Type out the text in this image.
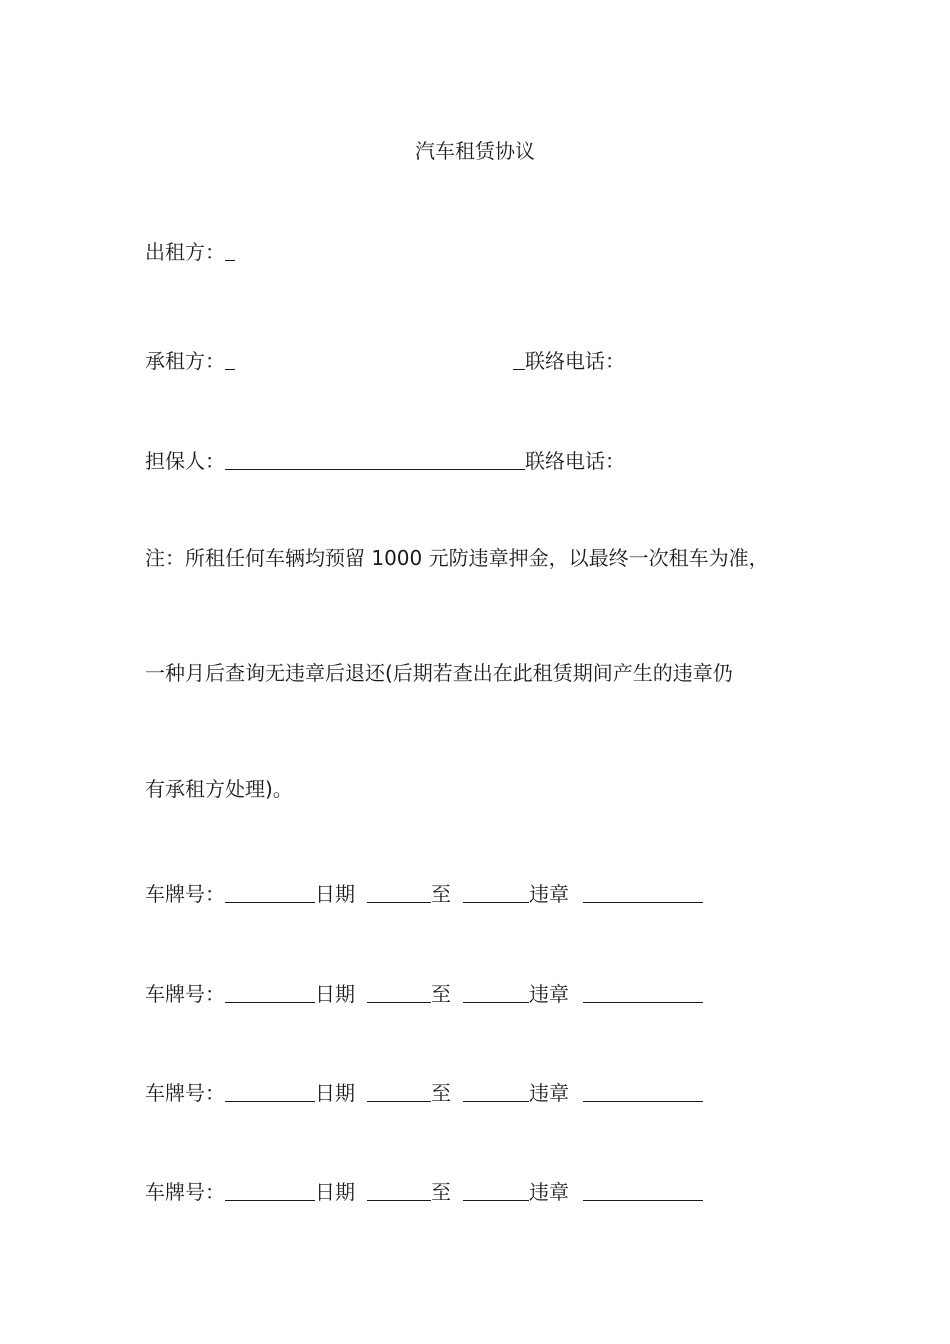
汽车租赁协议
出租方：
承租方：	联络电话：
担保人：	联络电话：
注：所租任何车辆均预留 1000 元防违章押金，以最终一次租车为准，
一种月后查询无违章后退还(后期若查出在此租赁期间产生的违章仍
有承租方处理)。
车牌号：	日期	至	违章
车牌号：	日期	至	违章
车牌号：	日期	至	违章
车牌号：	日期	至	违章
